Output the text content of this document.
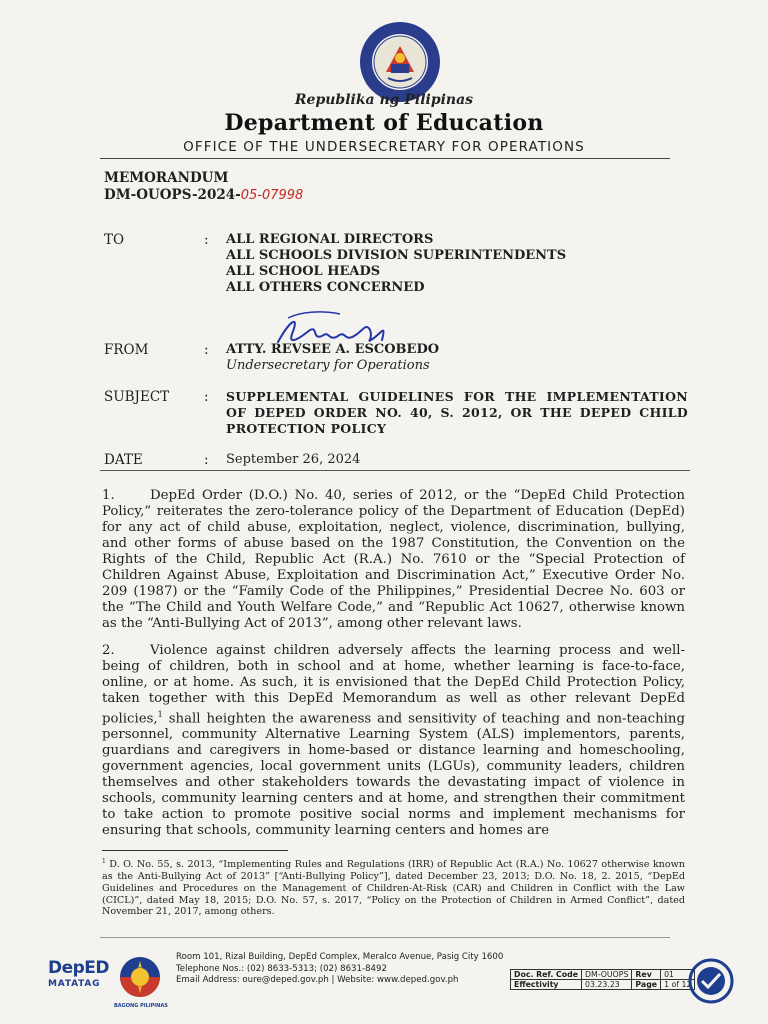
Republika ng Pilipinas
Department of Education
OFFICE OF THE UNDERSECRETARY FOR OPERATIONS
MEMORANDUM
DM-OUOPS-2024-05-07998
TO	: ALL REGIONAL DIRECTORS
ALL SCHOOLS DIVISION SUPERINTENDENTS
ALL SCHOOL HEADS
ALL OTHERS CONCERNED
FROM	: ATTY. REVSEE A. ESCOBEDO
Undersecretary for Operations
SUBJECT	: SUPPLEMENTAL GUIDELINES FOR THE IMPLEMENTATION OF DEPED ORDER NO. 40, S. 2012, OR THE DEPED CHILD PROTECTION POLICY
DATE	: September 26, 2024

1.	DepEd Order (D.O.) No. 40, series of 2012, or the “DepEd Child Protection Policy,” reiterates the zero-tolerance policy of the Department of Education (DepEd) for any act of child abuse, exploitation, neglect, violence, discrimination, bullying, and other forms of abuse based on the 1987 Constitution, the Convention on the Rights of the Child, Republic Act (R.A.) No. 7610 or the “Special Protection of Children Against Abuse, Exploitation and Discrimination Act,” Executive Order No. 209 (1987) or the “Family Code of the Philippines,” Presidential Decree No. 603 or the “The Child and Youth Welfare Code,” and “Republic Act 10627, otherwise known as the “Anti-Bullying Act of 2013”, among other relevant laws.

2.	Violence against children adversely affects the learning process and well-being of children, both in school and at home, whether learning is face-to-face, online, or at home. As such, it is envisioned that the DepEd Child Protection Policy, taken together with this DepEd Memorandum as well as other relevant DepEd policies,$^1$ shall heighten the awareness and sensitivity of teaching and non-teaching personnel, community Alternative Learning System (ALS) implementors, parents, guardians and caregivers in home-based or distance learning and homeschooling, government agencies, local government units (LGUs), community leaders, children themselves and other stakeholders towards the devastating impact of violence in schools, community learning centers and at home, and strengthen their commitment to take action to promote positive social norms and implement mechanisms for ensuring that schools, community learning centers and homes are

$^1$ D. O. No. 55, s. 2013, “Implementing Rules and Regulations (IRR) of Republic Act (R.A.) No. 10627 otherwise known as the Anti-Bullying Act of 2013” [“Anti-Bullying Policy”], dated December 23, 2013; D.O. No. 18, 2. 2015, “DepEd Guidelines and Procedures on the Management of Children-At-Risk (CAR) and Children in Conflict with the Law (CICL)”, dated May 18, 2015; D.O. No. 57, s. 2017, “Policy on the Protection of Children in Armed Conflict”, dated November 21, 2017, among others.
DepED
MATATAG
BAGONG PILIPINAS
Room 101, Rizal Building, DepEd Complex, Meralco Avenue, Pasig City 1600
Telephone Nos.: (02) 8633-5313; (02) 8631-8492
Email Address: oure@deped.gov.ph | Website: www.deped.gov.ph
Doc. Ref. Code	DM-OUOPS	Rev	01
Effectivity	03.23.23	Page	1 of 12
